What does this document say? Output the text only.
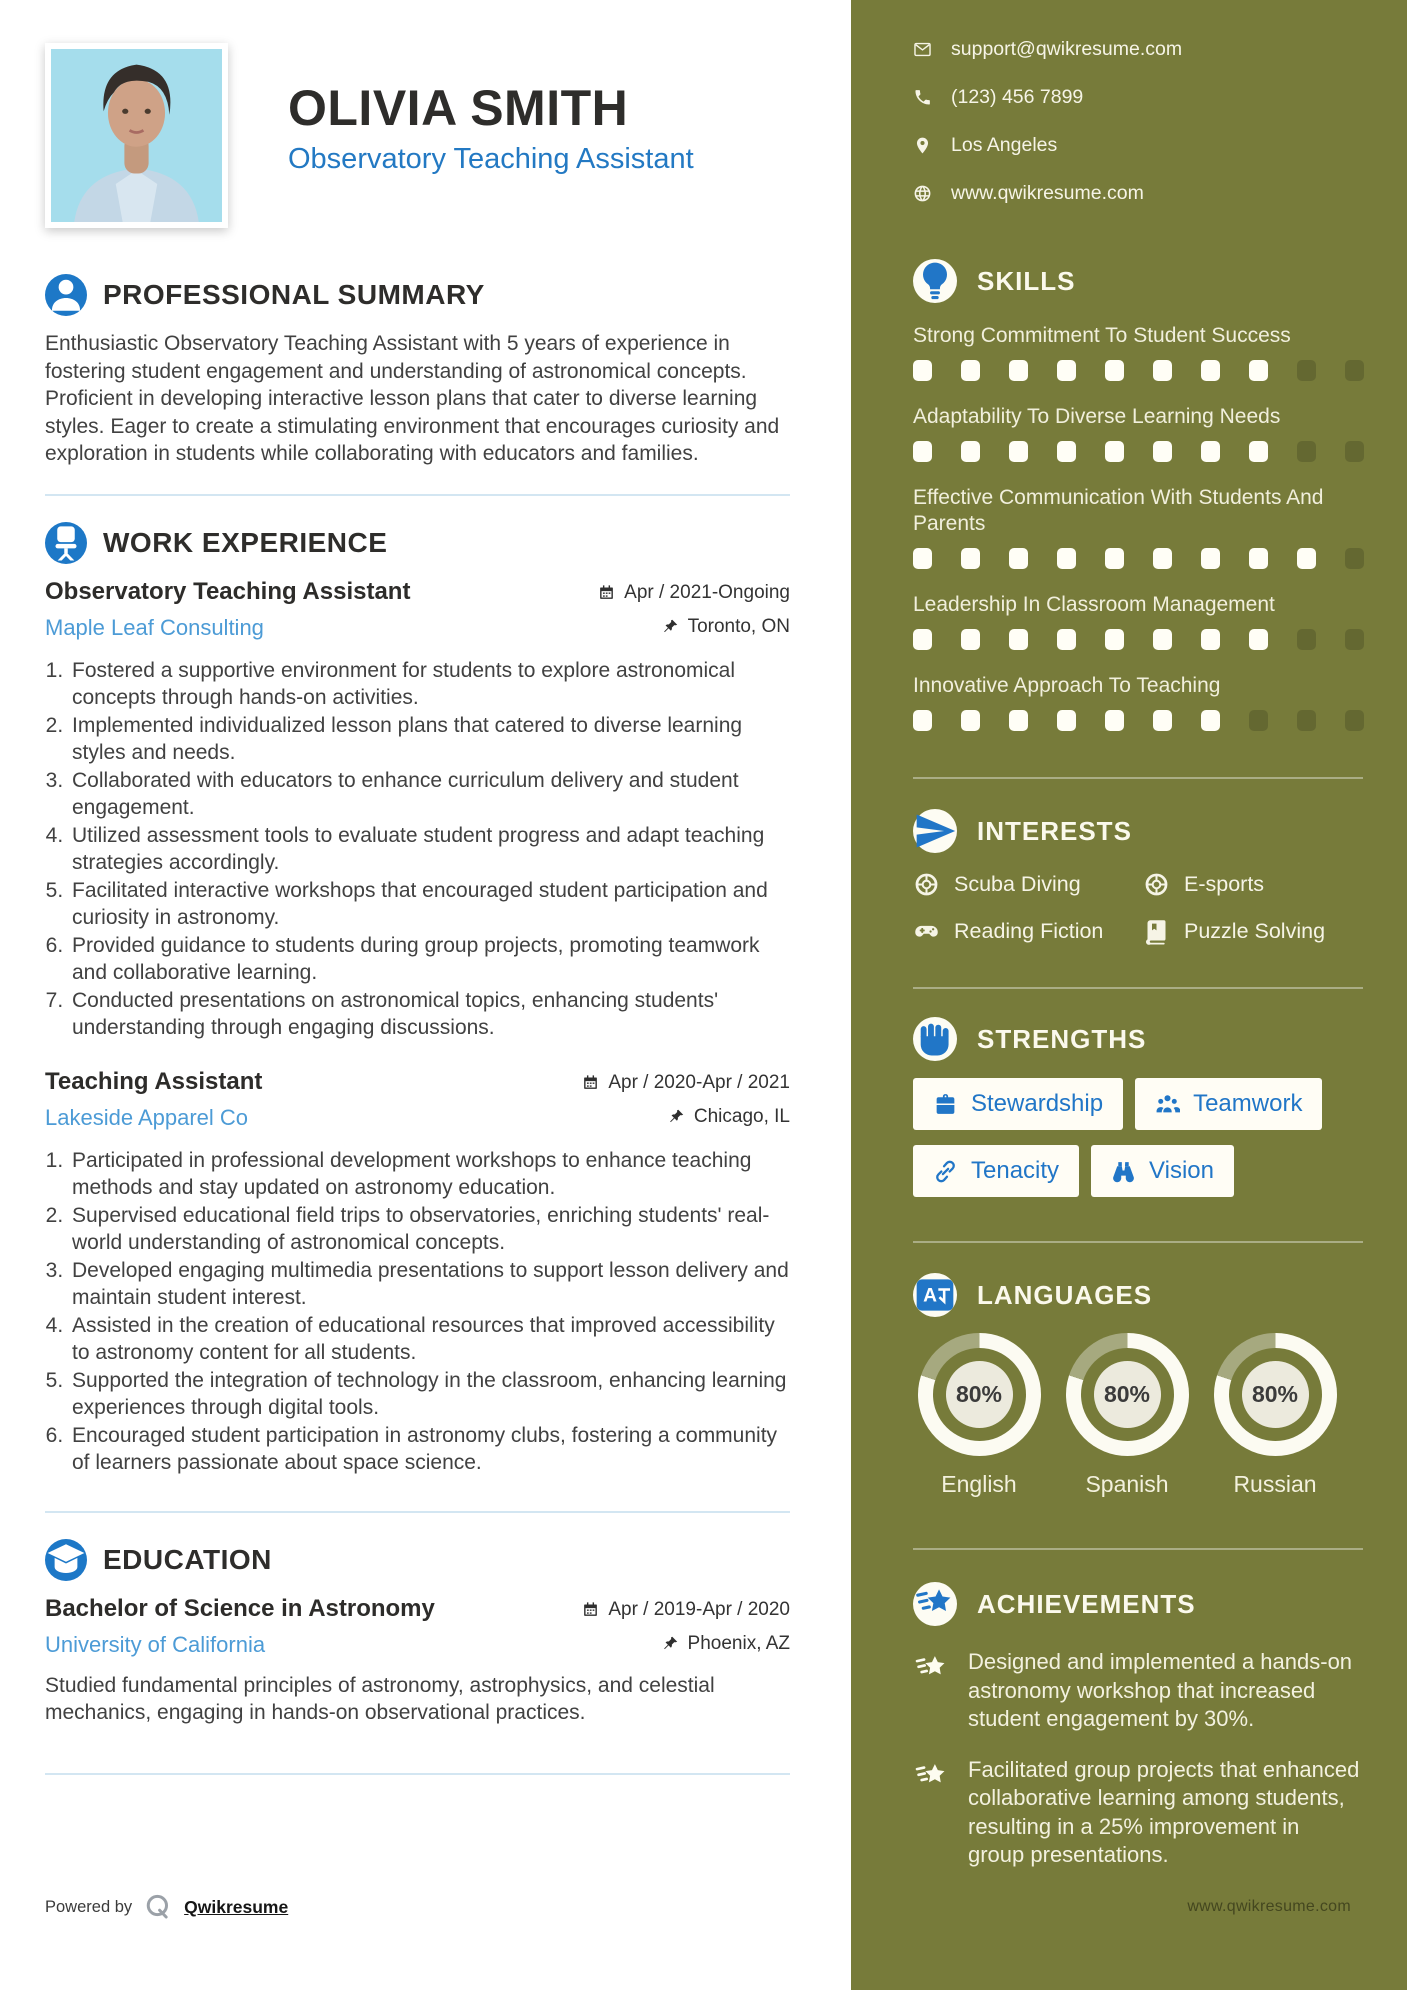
OLIVIA SMITH
Observatory Teaching Assistant
PROFESSIONAL SUMMARY

Enthusiastic Observatory Teaching Assistant with 5 years of experience in fostering student engagement and understanding of astronomical concepts. Proficient in developing interactive lesson plans that cater to diverse learning styles. Eager to create a stimulating environment that encourages curiosity and exploration in students while collaborating with educators and families.

WORK EXPERIENCE
Observatory Teaching Assistant
Maple Leaf Consulting
Apr / 2021-Ongoing
Toronto, ON
1. Fostered a supportive environment for students to explore astronomical concepts through hands-on activities.
2. Implemented individualized lesson plans that catered to diverse learning styles and needs.
3. Collaborated with educators to enhance curriculum delivery and student engagement.
4. Utilized assessment tools to evaluate student progress and adapt teaching strategies accordingly.
5. Facilitated interactive workshops that encouraged student participation and curiosity in astronomy.
6. Provided guidance to students during group projects, promoting teamwork and collaborative learning.
7. Conducted presentations on astronomical topics, enhancing students' understanding through engaging discussions.
Teaching Assistant
Lakeside Apparel Co
Apr / 2020-Apr / 2021
Chicago, IL
1. Participated in professional development workshops to enhance teaching methods and stay updated on astronomy education.
2. Supervised educational field trips to observatories, enriching students' real-world understanding of astronomical concepts.
3. Developed engaging multimedia presentations to support lesson delivery and maintain student interest.
4. Assisted in the creation of educational resources that improved accessibility to astronomy content for all students.
5. Supported the integration of technology in the classroom, enhancing learning experiences through digital tools.
6. Encouraged student participation in astronomy clubs, fostering a community of learners passionate about space science.
EDUCATION
Bachelor of Science in Astronomy
University of California
Apr / 2019-Apr / 2020
Phoenix, AZ

Studied fundamental principles of astronomy, astrophysics, and celestial mechanics, engaging in hands-on observational practices.

Powered by	Qwikresume
support@qwikresume.com
(123) 456 7899
Los Angeles
www.qwikresume.com
SKILLS
Strong Commitment To Student Success
Adaptability To Diverse Learning Needs
Effective Communication With Students And Parents
Leadership In Classroom Management
Innovative Approach To Teaching
INTERESTS
Scuba Diving	E-sports
Reading Fiction	Puzzle Solving
STRENGTHS
Stewardship	Teamwork
Tenacity	Vision
A LANGUAGES
80%
English
80%
Spanish
80%
Russian
ACHIEVEMENTS
Designed and implemented a hands-on astronomy workshop that increased student engagement by 30%.
Facilitated group projects that enhanced collaborative learning among students, resulting in a 25% improvement in group presentations.
www.qwikresume.com
